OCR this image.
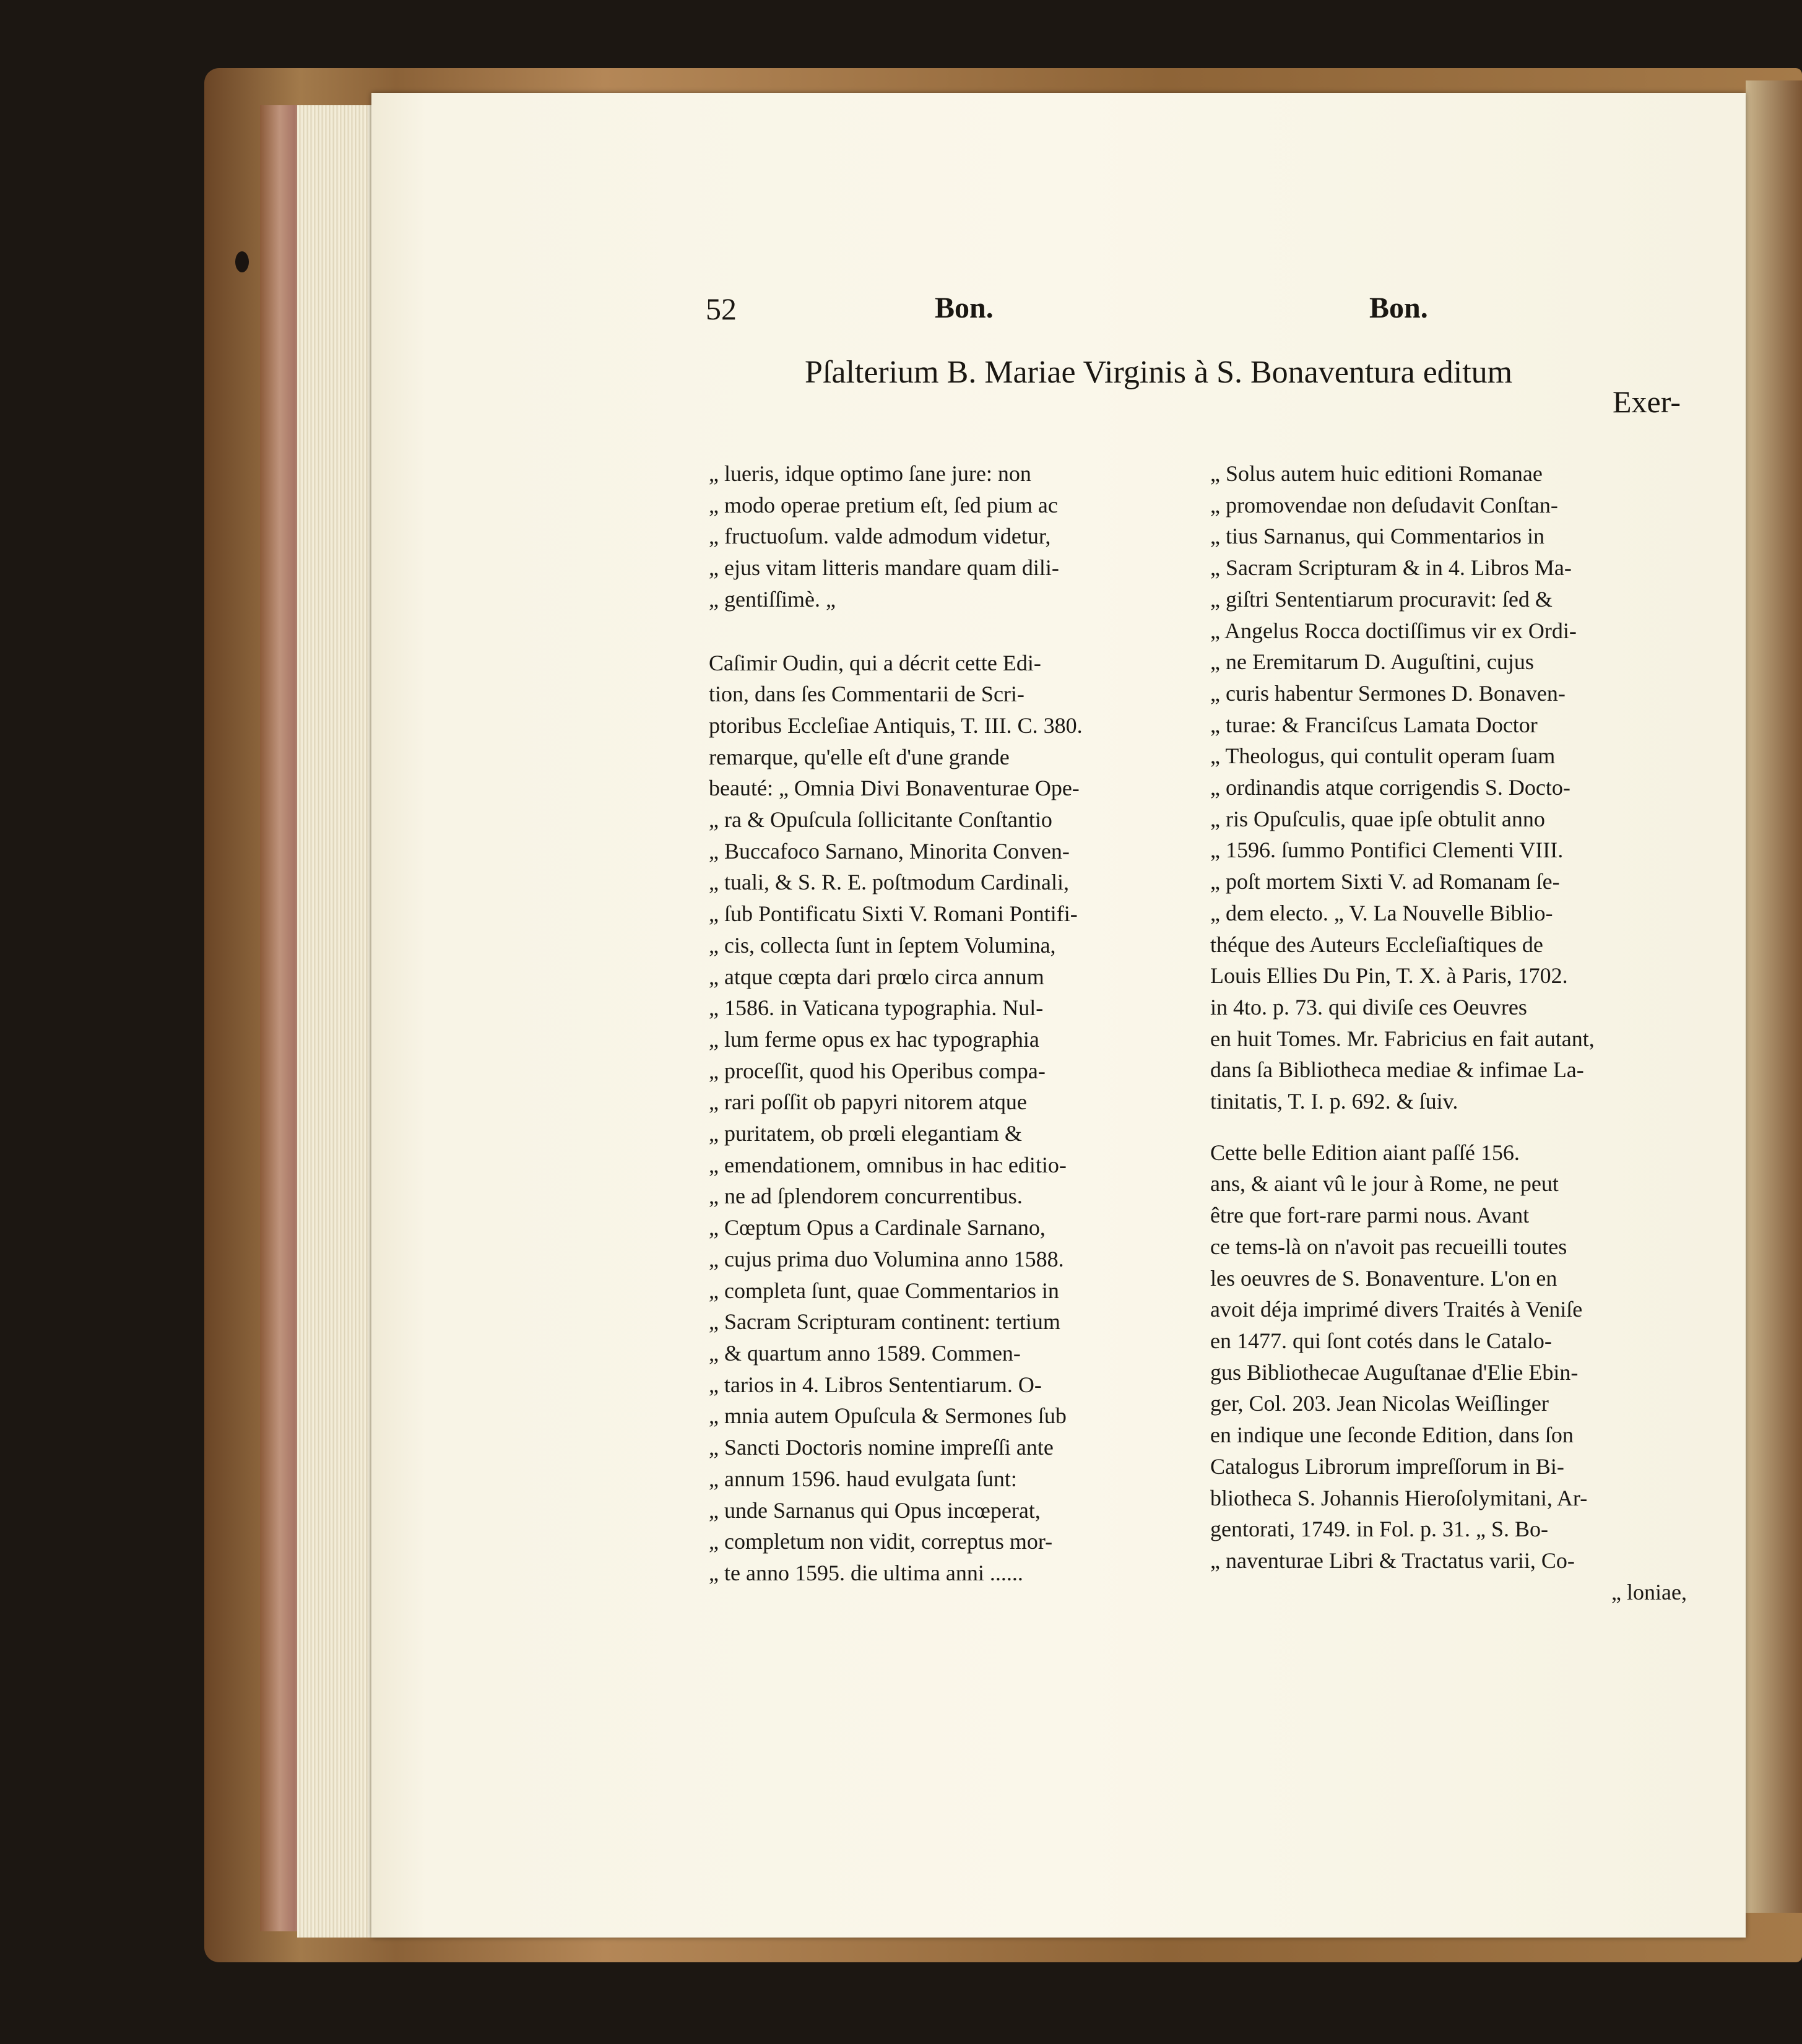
52	Bon.	Bon.
Pſalterium B. Mariae Virginis à S. Bonaventura editum
Exer-

„ lueris, idque optimo ſane jure: non
„ modo operae pretium eſt, ſed pium ac
„ fructuoſum. valde admodum videtur,
„ ejus vitam litteris mandare quam dili-
„ gentiſſimè. „

Caſimir Oudin, qui a décrit cette Edi-
tion, dans ſes Commentarii de Scri-
ptoribus Eccleſiae Antiquis, T. III. C. 380.
remarque, qu'elle eſt d'une grande
beauté: „ Omnia Divi Bonaventurae Ope-
„ ra & Opuſcula ſollicitante Conſtantio
„ Buccafoco Sarnano, Minorita Conven-
„ tuali, & S. R. E. poſtmodum Cardinali,
„ ſub Pontificatu Sixti V. Romani Pontifi-
„ cis, collecta ſunt in ſeptem Volumina,
„ atque cœpta dari prœlo circa annum
„ 1586. in Vaticana typographia. Nul-
„ lum ferme opus ex hac typographia
„ proceſſit, quod his Operibus compa-
„ rari poſſit ob papyri nitorem atque
„ puritatem, ob prœli elegantiam &
„ emendationem, omnibus in hac editio-
„ ne ad ſplendorem concurrentibus.
„ Cœptum Opus a Cardinale Sarnano,
„ cujus prima duo Volumina anno 1588.
„ completa ſunt, quae Commentarios in
„ Sacram Scripturam continent: tertium
„ & quartum anno 1589. Commen-
„ tarios in 4. Libros Sententiarum. O-
„ mnia autem Opuſcula & Sermones ſub
„ Sancti Doctoris nomine impreſſi ante
„ annum 1596. haud evulgata ſunt:
„ unde Sarnanus qui Opus incœperat,
„ completum non vidit, correptus mor-
„ te anno 1595. die ultima anni ......

„ Solus autem huic editioni Romanae
„ promovendae non deſudavit Conſtan-
„ tius Sarnanus, qui Commentarios in
„ Sacram Scripturam & in 4. Libros Ma-
„ giſtri Sententiarum procuravit: ſed &
„ Angelus Rocca doctiſſimus vir ex Ordi-
„ ne Eremitarum D. Auguſtini, cujus
„ curis habentur Sermones D. Bonaven-
„ turae: & Franciſcus Lamata Doctor
„ Theologus, qui contulit operam ſuam
„ ordinandis atque corrigendis S. Docto-
„ ris Opuſculis, quae ipſe obtulit anno
„ 1596. ſummo Pontifici Clementi VIII.
„ poſt mortem Sixti V. ad Romanam ſe-
„ dem electo. „ V. La Nouvelle Biblio-
théque des Auteurs Eccleſiaſtiques de
Louis Ellies Du Pin, T. X. à Paris, 1702.
in 4to. p. 73. qui diviſe ces Oeuvres
en huit Tomes. Mr. Fabricius en fait autant,
dans ſa Bibliotheca mediae & infimae La-
tinitatis, T. I. p. 692. & ſuiv.

Cette belle Edition aiant paſſé 156.
ans, & aiant vû le jour à Rome, ne peut
être que fort-rare parmi nous. Avant
ce tems-là on n'avoit pas recueilli toutes
les oeuvres de S. Bonaventure. L'on en
avoit déja imprimé divers Traités à Veniſe
en 1477. qui ſont cotés dans le Catalo-
gus Bibliothecae Auguſtanae d'Elie Ebin-
ger, Col. 203. Jean Nicolas Weiſlinger
en indique une ſeconde Edition, dans ſon
Catalogus Librorum impreſſorum in Bi-
bliotheca S. Johannis Hieroſolymitani, Ar-
gentorati, 1749. in Fol. p. 31. „ S. Bo-
„ naventurae Libri & Tractatus varii, Co-

„ loniae,
